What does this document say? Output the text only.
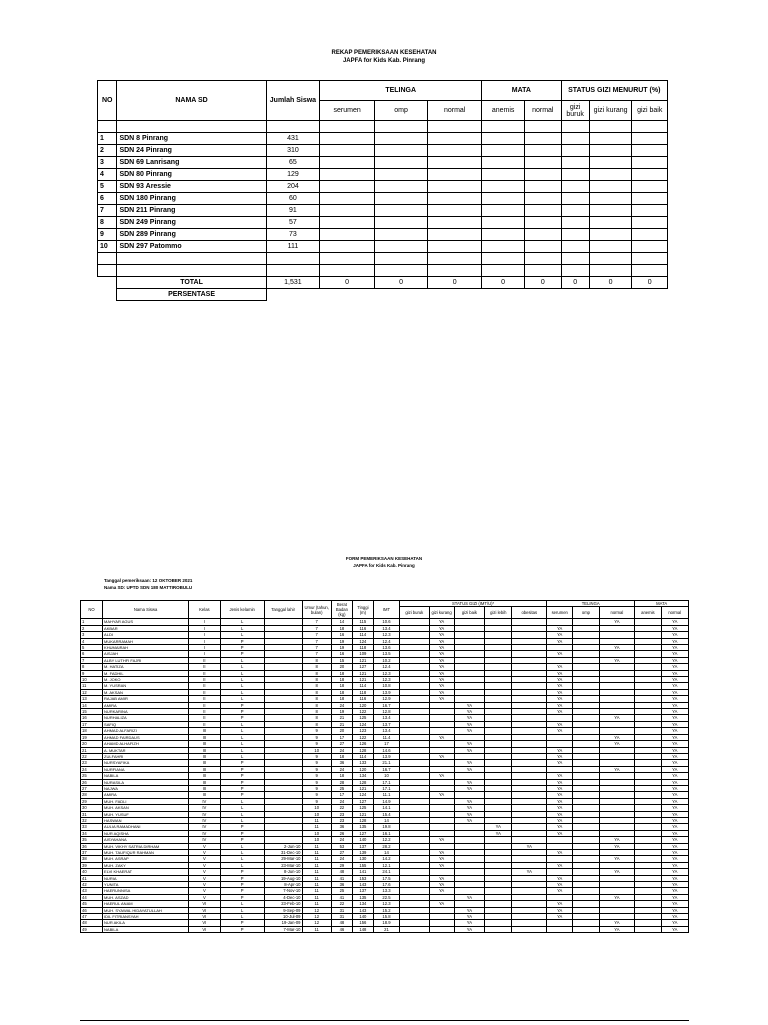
REKAP PEMERIKSAAN KESEHATAN
JAPFA for Kids Kab. Pinrang
NO	NAMA SD	Jumlah Siswa	TELINGA			MATA		STATUS GIZI MENURUT (%)		
			serumen	omp	normal	anemis	normal	gizi buruk	gizi kurang	gizi baik

1	SDN 8 Pinrang	431								
2	SDN 24 Pinrang	310								
3	SDN 69 Lanrisang	65								
4	SDN 80 Pinrang	129								
5	SDN 93 Aressie	204								
6	SDN 180 Pinrang	60								
7	SDN 211 Pinrang	91								
8	SDN 249 Pinrang	57								
9	SDN 289 Pinrang	73								
10	SDN 297 Patommo	111								

	TOTAL	1,531	0	0	0	0	0	0	0	0
	PERSENTASE									
FORM PEMERIKSAAN KESEHATAN
JAPFA for Kids Kab. Pinrang
Tanggal pemeriksaan: 12 OKTOBER 2021
Nama SD: UPTD SDN 180 MATTIROBULU
NO	Nama Siswa	Kelas	Jenis kelamin	Tanggal lahir	Umur (tahun, bulan)	Berat Badan (kg)	Tinggi (m)	IMT	STATUS GIZI (IMT/U)*					TELINGA			MATA	
									gizi buruk	gizi kurang	gizi baik	gizi lebih	obesitas	serumen	omp	normal	anemis	normal
1	MAHYAR AGUS	I	L		7	14	115	10.6		YA						YA		YA
2	AKBAR	I	L		7	18	116	13.4		YA				YA				YA
3	ALDI	I	L		7	16	114	12.3		YA				YA				YA
4	MUKARRAMAH	I	P		7	19	124	12.4		YA				YA				YA
5	KHUMAIRAH	I	P		7	19	118	13.6		YA						YA		YA
6	AISJAH	I	P		7	16	109	13.5		YA				YA				YA
7	ALBY LUTHFI FAJRI	II	L		8	15	121	10.2		YA						YA		YA
8	M. HATIZA	II	L		8	20	127	12.4		YA				YA				YA
9	M. FADHIL	II	L		8	18	121	12.3		YA				YA				YA
10	M. JOKO	II	L		8	18	121	12.3		YA				YA				YA
11	M. YUSRAN	II	L		8	18	114	10.8		YA				YA				YA
12	M. AKSAN	II	L		8	18	118	13.9		YA				YA				YA
13	RAJAB AMIR	II	L		8	18	116	12.9		YA				YA				YA
14	AMIRA	II	P		8	24	120	16.7			YA			YA				YA
15	NURKARINA	II	P		8	19	122	12.8			YA			YA				YA
16	NURHALIZA	II	P		8	21	125	13.4			YA					YA		YA
17	SAFIQ	II	L		8	21	124	13.7			YA			YA				YA
18	AHMAD ALFARIZI	III	L		9	20	123	13.4			YA			YA				YA
19	AHMAD FAIRDAUS	III	L		9	17	122	11.4		YA						YA		YA
20	AHAMD ALHAFIZH	III	L		9	27	126	17			YA					YA		YA
21	A. MUKTAR	III	L		10	24	128	14.6			YA			YA				YA
22	ZULFAHRI	III	L		9	18	114	13.9		YA				YA				YA
23	NURSYAFIKA	III	P		9	36	133	21.1			YA			YA				YA
24	NURFIANA	III	P		9	24	120	16.7			YA					YA		YA
25	NABILA	III	P		9	18	134	10		YA				YA				YA
26	NURASILA	III	P		9	28	128	17.1			YA			YA				YA
27	NAJWA	III	P		9	25	121	17.1			YA			YA				YA
28	AMIRA	III	P		9	17	124	11.1		YA				YA				YA
29	MUH. FADLI	IV	L		9	24	127	14.9			YA			YA				YA
30	MUH. AKSAN	IV	L		10	22	125	14.1			YA			YA				YA
31	MUH. YUSUF	IV	L		10	23	121	15.4			YA			YA				YA
32	HASWAN	IV	L		11	23	128	14			YA			YA				YA
33	AULIA RAMADHANI	IV	P		11	36	135	19.8				YA		YA				YA
34	NUR AQISHA	IV	P		10	26	127	16.1				YA		YA				YA
35	AISYAHANA	IV	P		10	24	140	12.2		YA						YA		YA
36	MUH. VIKHY SATRIA DIRHAM	V	L	2-Jun-10	11	53	137	28.2					YA			YA		YA
37	MUH. TAUFIQUR RAHMAN	V	L	31-Dec-10	11	27	139	14		YA				YA				YA
38	MUH. ASRAP	V	L	29-Mar-10	11	24	130	14.2		YA						YA		YA
39	MUH. ZAKY	V	L	23-Mar-10	11	29	155	12.1		YA				YA				YA
40	ELVI KHAERAT	V	P	8-Jun-10	11	48	141	24.1					YA			YA		YA
41	NURIA	V	P	19-Aug-10	11	41	153	17.5		YA				YA				YA
42	YUNITA	V	P	8-Apr-10	11	36	143	17.6		YA				YA				YA
43	HAERUNNISA	V	P	7-Nov-10	11	25	137	13.3		YA				YA				YA
44	MUH. ASZAD	V	P	4-Dec-10	11	41	135	22.5			YA					YA		YA
45	HAERUL ANAM	VI	L	23-Feb-10	11	22	134	12.3		YA				YA				YA
46	MUH. SYAWAL HIDAYATULLAH	VI	L	9-Sep-09	12	31	143	15.2			YA			YA				YA
47	IDIL FITRIANSYAH	VI	L	10-Jul-09	12	31	140	15.8			YA			YA				YA
48	NUR AKILA	VI	P	19-Jan-09	12	48	156	18.9			YA					YA		YA
49	NABILA	VI	P	7-Mar-10	11	46	148	21			YA					YA		YA
